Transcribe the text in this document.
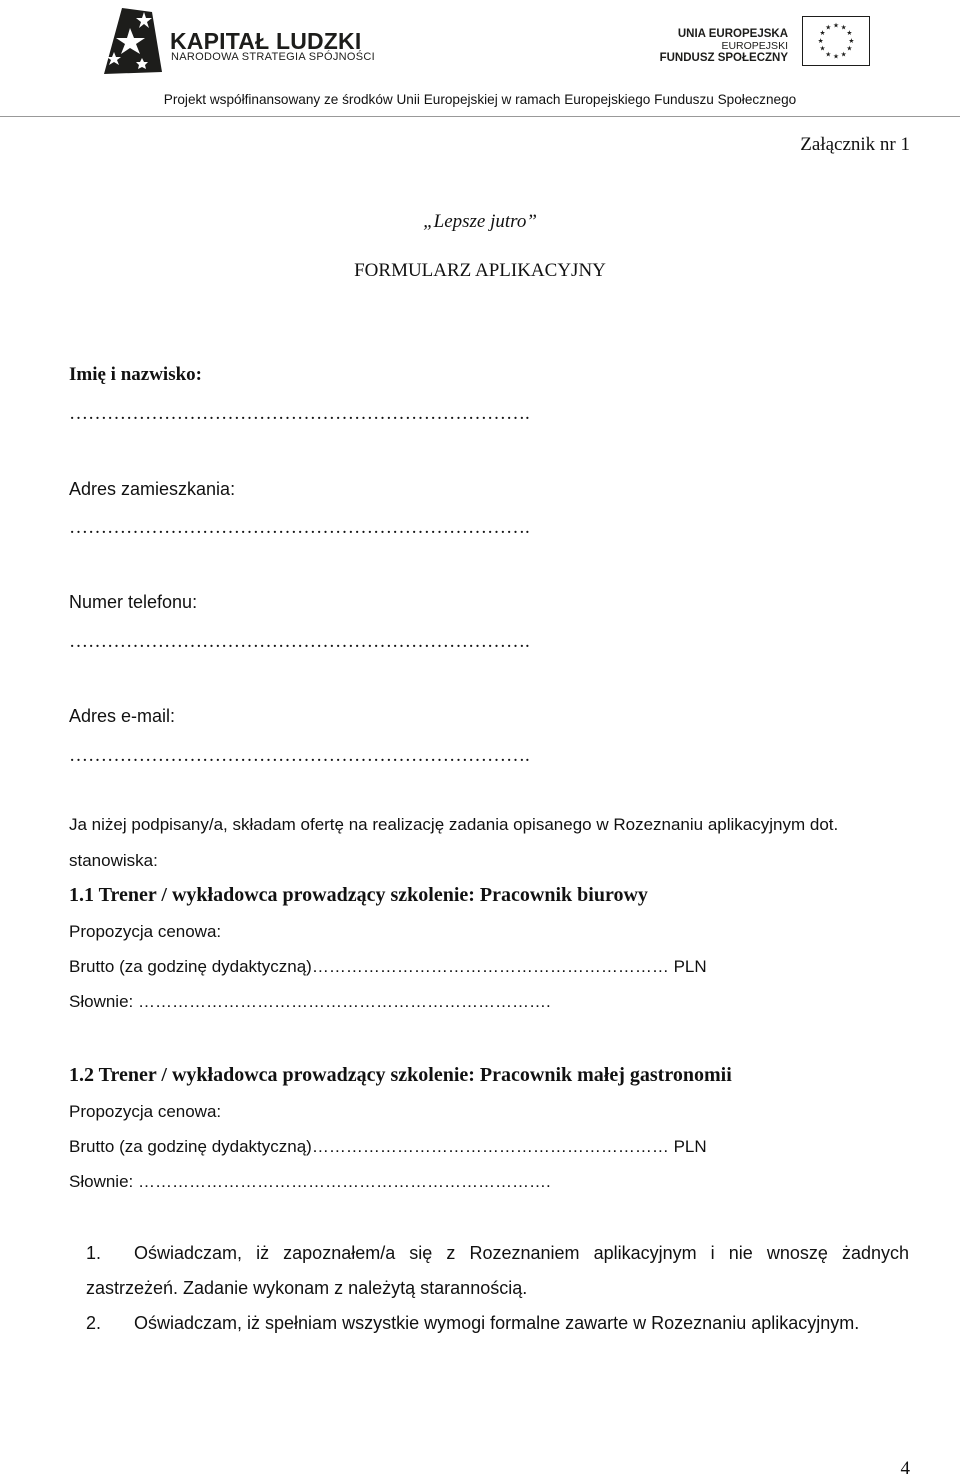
KAPITAŁ LUDZKI
NARODOWA STRATEGIA SPÓJNOŚCI
UNIA EUROPEJSKA
EUROPEJSKI
FUNDUSZ SPOŁECZNY
★ ★
★
★
★
★
★
★
★
★
★
★
Projekt współfinansowany ze środków Unii Europejskiej w ramach Europejskiego Funduszu Społecznego
Załącznik nr 1
„Lepsze jutro”
FORMULARZ APLIKACYJNY
Imię i nazwisko:
……………………………………………………………….
Adres zamieszkania:
……………………………………………………………….
Numer telefonu:
……………………………………………………………….
Adres e-mail:
……………………………………………………………….
Ja niżej podpisany/a, składam ofertę na realizację zadania opisanego w Rozeznaniu aplikacyjnym dot.
stanowiska:
1.1 Trener / wykładowca prowadzący szkolenie: Pracownik biurowy
Propozycja cenowa:
Brutto (za godzinę dydaktyczną)……………………………………………………… PLN
Słownie: ……………………………………………………………….
1.2 Trener / wykładowca prowadzący szkolenie: Pracownik małej gastronomii
Propozycja cenowa:
Brutto (za godzinę dydaktyczną)……………………………………………………… PLN
Słownie: ……………………………………………………………….
1. Oświadczam, iż zapoznałem/a się z Rozeznaniem aplikacyjnym i nie wnoszę żadnych
zastrzeżeń. Zadanie wykonam z należytą starannością.
2. Oświadczam, iż spełniam wszystkie wymogi formalne zawarte w Rozeznaniu aplikacyjnym.
4
